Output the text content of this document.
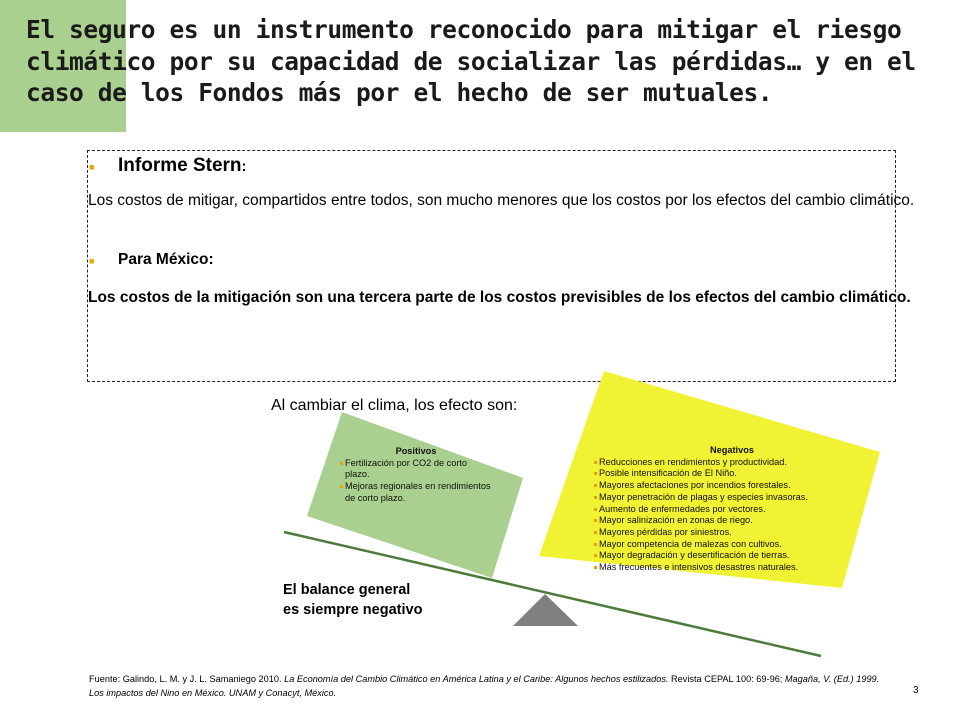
El seguro es un instrumento reconocido para mitigar el riesgo climático por su capacidad de socializar las pérdidas… y en el caso de los Fondos más por el hecho de ser mutuales.
■ Informe Stern:

Los costos de mitigar, compartidos entre todos, son mucho menores que los costos por los efectos del cambio climático.

■ Para México:

Los costos de la mitigación son una tercera parte de los costos previsibles de los efectos del cambio climático.

Al cambiar el clima, los efecto son:
Positivos
Fertilización por CO2 de corto plazo.
Mejoras regionales en rendimientos de corto plazo.
Negativos
Reducciones en rendimientos y productividad.
Posible intensificación de El Niño.
Mayores afectaciones por incendios forestales.
Mayor penetración de plagas y especies invasoras.
Aumento de enfermedades por vectores.
Mayor salinización en zonas de riego.
Mayores pérdidas por siniestros.
Mayor competencia de malezas con cultivos.
Mayor degradación y desertificación de tierras.
Más frecuentes e intensivos desastres naturales.
El balance general
es siempre negativo
Fuente: Galindo, L. M. y J. L. Samaniego 2010. La Economía del Cambio Climático en América Latina y el Caribe: Algunos hechos estilizados. Revista CEPAL 100: 69-96; Magaña, V. (Ed.) 1999. Los impactos del Nino en México. UNAM y Conacyt, México.	3
